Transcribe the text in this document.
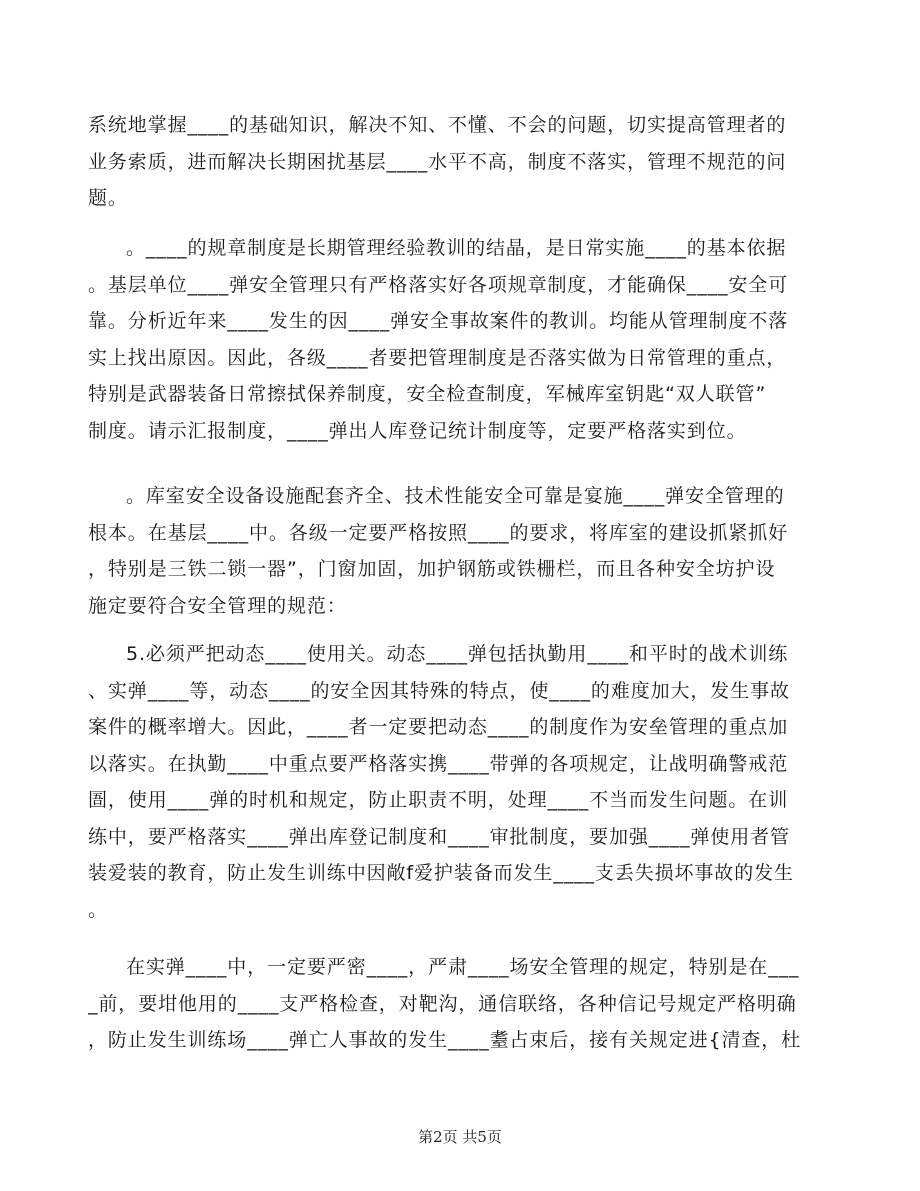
系统地掌握____的基础知识，解决不知、不懂、不会的问题，切实提高管理者的
业务索质，进而解决长期困扰基层____水平不高，制度不落实，管理不规范的问
题。
。____的规章制度是长期管理经验教训的结晶，是日常实施____的基本依据
。基层单位____弹安全管理只有严格落实好各项规章制度，才能确保____安全可
靠。分析近年来____发生的因____弹安全事故案件的教训。均能从管理制度不落
实上找出原因。因此，各级____者要把管理制度是否落实做为日常管理的重点，
特别是武器装备日常擦拭保养制度，安全检查制度，军械库室钥匙“双人联管”
制度。请示汇报制度，____弹出人库登记统计制度等，定要严格落实到位。
。库室安全设备设施配套齐全、技术性能安全可靠是宴施____弹安全管理的
根本。在基层____中。各级一定要严格按照____的要求，将库室的建设抓紧抓好
，特别是三铁二锁一器”，门窗加固，加护钢筋或铁栅栏，而且各种安全坊护设
施定要符合安全管理的规范：
5.必须严把动态____使用关。动态____弹包括执勤用____和平时的战术训练
、实弹____等，动态____的安全因其特殊的特点，使____的难度加大，发生事故
案件的概率增大。因此，____者一定要把动态____的制度作为安垒管理的重点加
以落实。在执勤____中重点要严格落实携____带弹的各项规定，让战明确警戒范
圄，使用____弹的时机和规定，防止职责不明，处理____不当而发生问题。在训
练中，要严格落实____弹出库登记制度和____审批制度，要加强____弹使用者管
装爱装的教育，防止发生训练中因敞f爱护装备而发生____支丢失损坏事故的发生
。
在实弹____中，一定要严密____，严肃____场安全管理的规定，特别是在___
_前，要坩他用的____支严格检查，对靶沟，通信联络，各种信记号规定严格明确
，防止发生训练场____弹亡人事故的发生____耋占束后，接有关规定进{清查，杜
第2页 共5页
